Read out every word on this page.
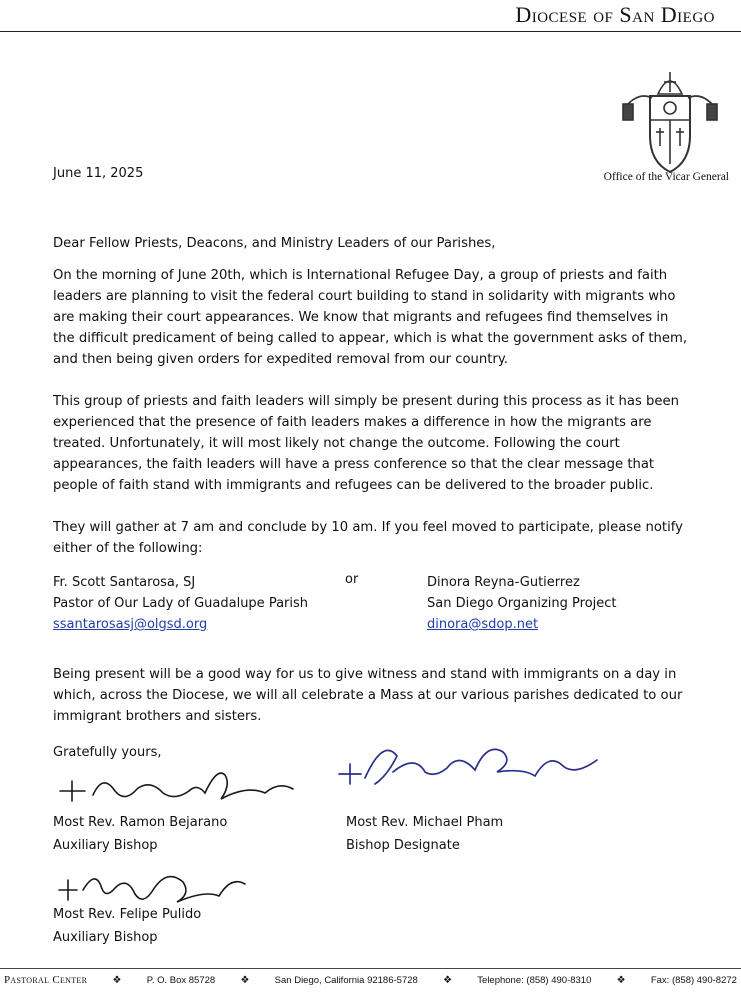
Diocese of San Diego
Office of the Vicar General
June 11, 2025
Dear Fellow Priests, Deacons, and Ministry Leaders of our Parishes,
On the morning of June 20th, which is International Refugee Day, a group of priests and faith leaders are planning to visit the federal court building to stand in solidarity with migrants who are making their court appearances. We know that migrants and refugees find themselves in the difficult predicament of being called to appear, which is what the government asks of them, and then being given orders for expedited removal from our country.
This group of priests and faith leaders will simply be present during this process as it has been experienced that the presence of faith leaders makes a difference in how the migrants are treated. Unfortunately, it will most likely not change the outcome. Following the court appearances, the faith leaders will have a press conference so that the clear message that people of faith stand with immigrants and refugees can be delivered to the broader public.
They will gather at 7 am and conclude by 10 am. If you feel moved to participate, please notify either of the following:
Fr. Scott Santarosa, SJ
Pastor of Our Lady of Guadalupe Parish
ssantarosasj@olgsd.org
or	Dinora Reyna-Gutierrez
San Diego Organizing Project
dinora@sdop.net
Being present will be a good way for us to give witness and stand with immigrants on a day in which, across the Diocese, we will all celebrate a Mass at our various parishes dedicated to our immigrant brothers and sisters.
Gratefully yours,
Most Rev. Ramon Bejarano
Auxiliary Bishop
Most Rev. Michael Pham
Bishop Designate
Most Rev. Felipe Pulido
Auxiliary Bishop
Pastoral Center	❖	P. O. Box 85728	❖	San Diego, California 92186-5728	❖	Telephone: (858) 490-8310	❖	Fax: (858) 490-8272
